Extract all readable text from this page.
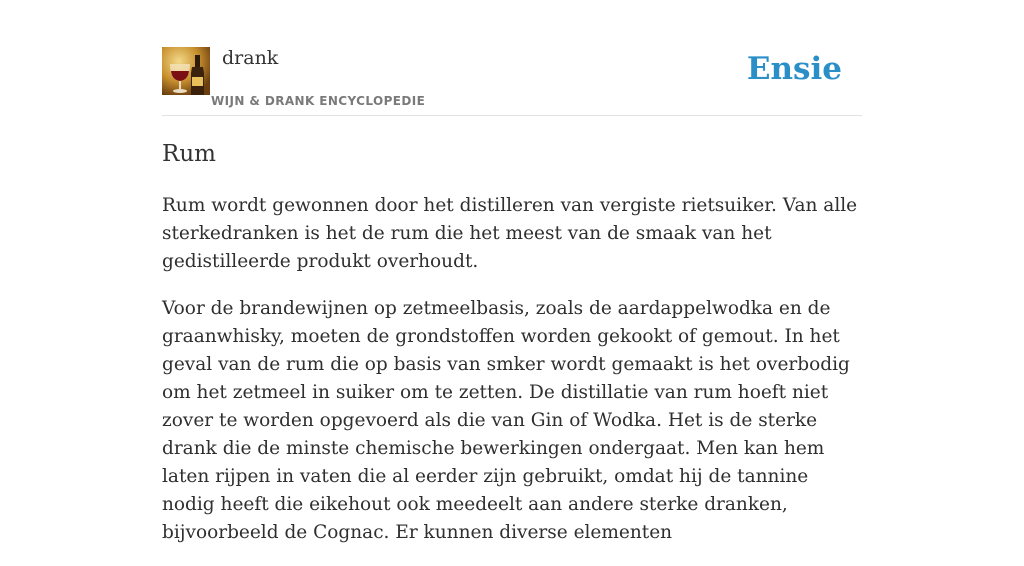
drank
WIJN & DRANK ENCYCLOPEDIE
Ensie
Rum

Rum wordt gewonnen door het distilleren van vergiste rietsuiker. Van alle sterkedranken is het de rum die het meest van de smaak van het gedistilleerde produkt overhoudt.

Voor de brandewijnen op zetmeelbasis, zoals de aardappelwodka en de graanwhisky, moeten de grondstoffen worden gekookt of gemout. In het geval van de rum die op basis van smker wordt gemaakt is het overbodig om het zetmeel in suiker om te zetten. De distillatie van rum hoeft niet zover te worden opgevoerd als die van Gin of Wodka. Het is de sterke drank die de minste chemische bewerkingen ondergaat. Men kan hem laten rijpen in vaten die al eerder zijn gebruikt, omdat hij de tannine nodig heeft die eikehout ook meedeelt aan andere sterke dranken, bijvoorbeeld de Cognac. Er kunnen diverse elementen
